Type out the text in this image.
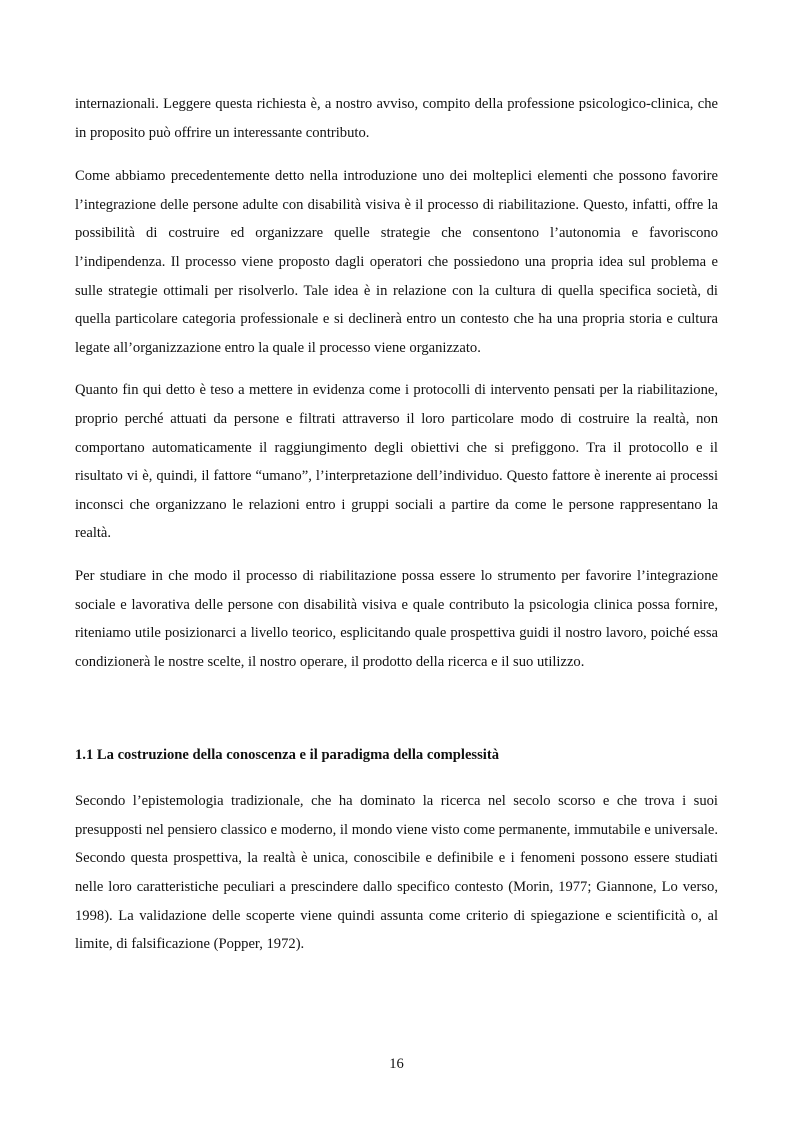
internazionali. Leggere questa richiesta è, a nostro avviso, compito della professione psicologico-clinica, che in proposito può offrire un interessante contributo.

Come abbiamo precedentemente detto nella introduzione uno dei molteplici elementi che possono favorire l’integrazione delle persone adulte con disabilità visiva è il processo di riabilitazione. Questo, infatti, offre la possibilità di costruire ed organizzare quelle strategie che consentono l’autonomia e favoriscono l’indipendenza. Il processo viene proposto dagli operatori che possiedono una propria idea sul problema e sulle strategie ottimali per risolverlo. Tale idea è in relazione con la cultura di quella specifica società, di quella particolare categoria professionale e si declinerà entro un contesto che ha una propria storia e cultura legate all’organizzazione entro la quale il processo viene organizzato.

Quanto fin qui detto è teso a mettere in evidenza come i protocolli di intervento pensati per la riabilitazione, proprio perché attuati da persone e filtrati attraverso il loro particolare modo di costruire la realtà, non comportano automaticamente il raggiungimento degli obiettivi che si prefiggono. Tra il protocollo e il risultato vi è, quindi, il fattore “umano”, l’interpretazione dell’individuo. Questo fattore è inerente ai processi inconsci che organizzano le relazioni entro i gruppi sociali a partire da come le persone rappresentano la realtà.

Per studiare in che modo il processo di riabilitazione possa essere lo strumento per favorire l’integrazione sociale e lavorativa delle persone con disabilità visiva e quale contributo la psicologia clinica possa fornire, riteniamo utile posizionarci a livello teorico, esplicitando quale prospettiva guidi il nostro lavoro, poiché essa condizionerà le nostre scelte, il nostro operare, il prodotto della ricerca e il suo utilizzo.

1.1 La costruzione della conoscenza e il paradigma della complessità

Secondo l’epistemologia tradizionale, che ha dominato la ricerca nel secolo scorso e che trova i suoi presupposti nel pensiero classico e moderno, il mondo viene visto come permanente, immutabile e universale. Secondo questa prospettiva, la realtà è unica, conoscibile e definibile e i fenomeni possono essere studiati nelle loro caratteristiche peculiari a prescindere dallo specifico contesto (Morin, 1977; Giannone, Lo verso, 1998). La validazione delle scoperte viene quindi assunta come criterio di spiegazione e scientificità o, al limite, di falsificazione (Popper, 1972).

16
